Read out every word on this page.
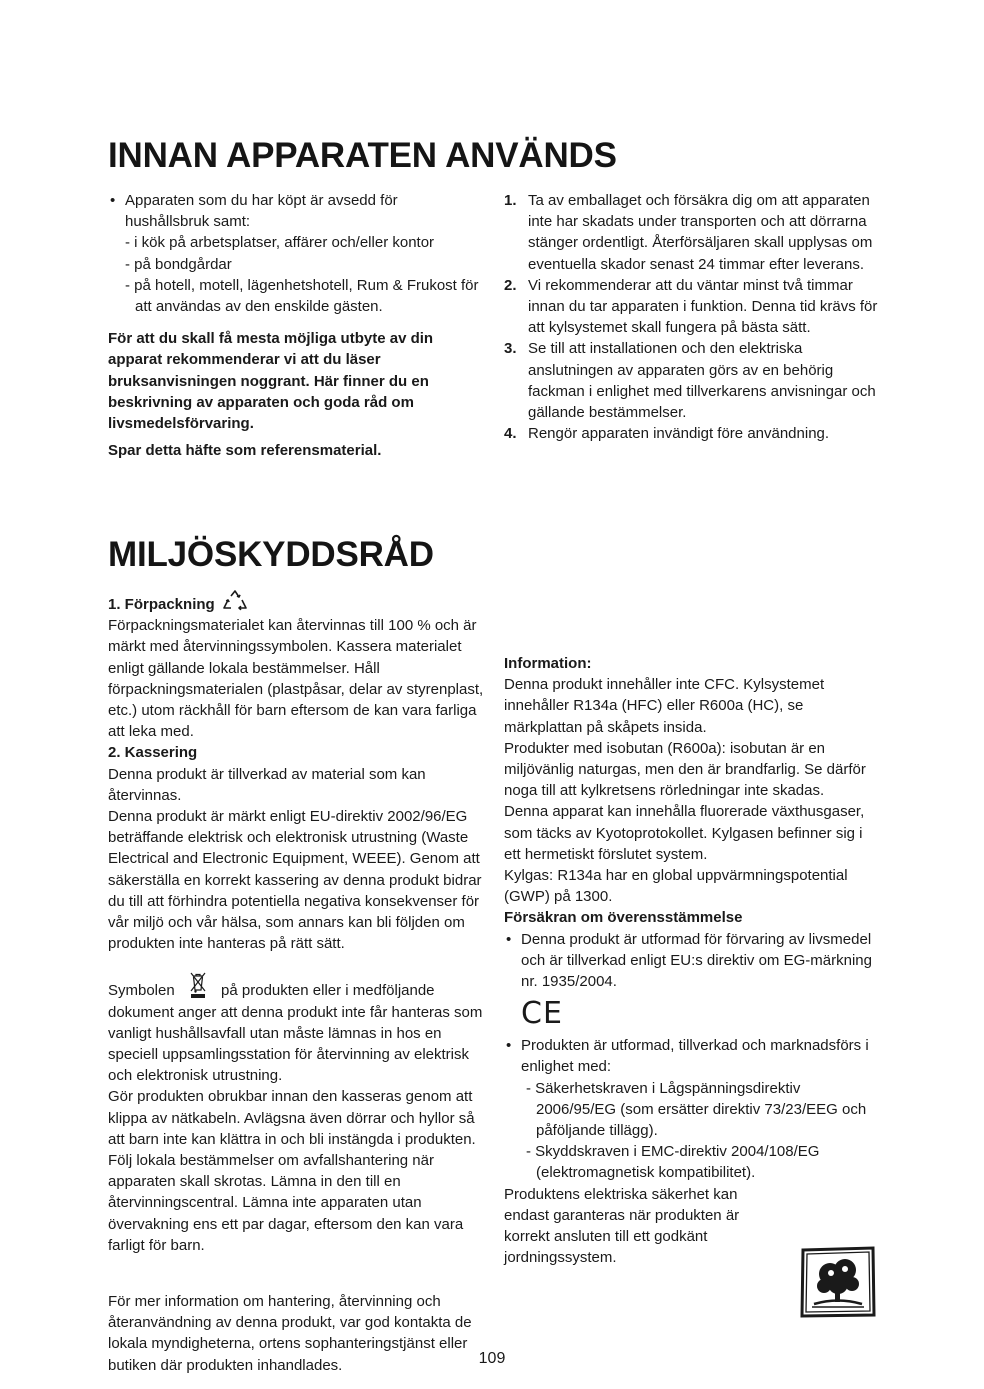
INNAN APPARATEN ANVÄNDS

• Apparaten som du har köpt är avsedd för hushållsbruk samt:

- i kök på arbetsplatser, affärer och/eller kontor

- på bondgårdar

- på hotell, motell, lägenhetshotell, Rum & Frukost för att användas av den enskilde gästen.

För att du skall få mesta möjliga utbyte av din apparat rekommenderar vi att du läser bruksanvisningen noggrant. Här finner du en beskrivning av apparaten och goda råd om livsmedelsförvaring.

Spar detta häfte som referensmaterial.

1. Ta av emballaget och försäkra dig om att apparaten inte har skadats under transporten och att dörrarna stänger ordentligt. Återförsäljaren skall upplysas om eventuella skador senast 24 timmar efter leverans.

2. Vi rekommenderar att du väntar minst två timmar innan du tar apparaten i funktion. Denna tid krävs för att kylsystemet skall fungera på bästa sätt.

3. Se till att installationen och den elektriska anslutningen av apparaten görs av en behörig fackman i enlighet med tillverkarens anvisningar och gällande bestämmelser.

4. Rengör apparaten invändigt före användning.

MILJÖSKYDDSRÅD

1. Förpackning

Förpackningsmaterialet kan återvinnas till 100 % och är märkt med återvinningssymbolen. Kassera materialet enligt gällande lokala bestämmelser. Håll förpackningsmaterialen (plastpåsar, delar av styrenplast, etc.) utom räckhåll för barn eftersom de kan vara farliga att leka med.

2. Kassering

Denna produkt är tillverkad av material som kan återvinnas.

Denna produkt är märkt enligt EU-direktiv 2002/96/EG beträffande elektrisk och elektronisk utrustning (Waste Electrical and Electronic Equipment, WEEE). Genom att säkerställa en korrekt kassering av denna produkt bidrar du till att förhindra potentiella negativa konsekvenser för vår miljö och vår hälsa, som annars kan bli följden om produkten inte hanteras på rätt sätt.

Symbolen	på produkten eller i medföljande dokument anger att denna produkt inte får hanteras som vanligt hushållsavfall utan måste lämnas in hos en speciell uppsamlingsstation för återvinning av elektrisk och elektronisk utrustning.

Gör produkten obrukbar innan den kasseras genom att klippa av nätkabeln. Avlägsna även dörrar och hyllor så att barn inte kan klättra in och bli instängda i produkten.

Följ lokala bestämmelser om avfallshantering när apparaten skall skrotas. Lämna in den till en återvinningscentral. Lämna inte apparaten utan övervakning ens ett par dagar, eftersom den kan vara farligt för barn.

För mer information om hantering, återvinning och återanvändning av denna produkt, var god kontakta de lokala myndigheterna, ortens sophanteringstjänst eller butiken där produkten inhandlades.

Information:

Denna produkt innehåller inte CFC. Kylsystemet innehåller R134a (HFC) eller R600a (HC), se märkplattan på skåpets insida.

Produkter med isobutan (R600a): isobutan är en miljövänlig naturgas, men den är brandfarlig. Se därför noga till att kylkretsens rörledningar inte skadas.

Denna apparat kan innehålla fluorerade växthusgaser, som täcks av Kyotoprotokollet. Kylgasen befinner sig i ett hermetiskt förslutet system.

Kylgas: R134a har en global uppvärmningspotential (GWP) på 1300.

Försäkran om överensstämmelse

• Denna produkt är utformad för förvaring av livsmedel och är tillverkad enligt EU:s direktiv om EG-märkning nr. 1935/2004.

CE

• Produkten är utformad, tillverkad och marknadsförs i enlighet med:

- Säkerhetskraven i Lågspänningsdirektiv 2006/95/EG (som ersätter direktiv 73/23/EEG och påföljande tillägg).

- Skyddskraven i EMC-direktiv 2004/108/EG (elektromagnetisk kompatibilitet).

Produktens elektriska säkerhet kan endast garanteras när produkten är korrekt ansluten till ett godkänt jordningssystem.

109
